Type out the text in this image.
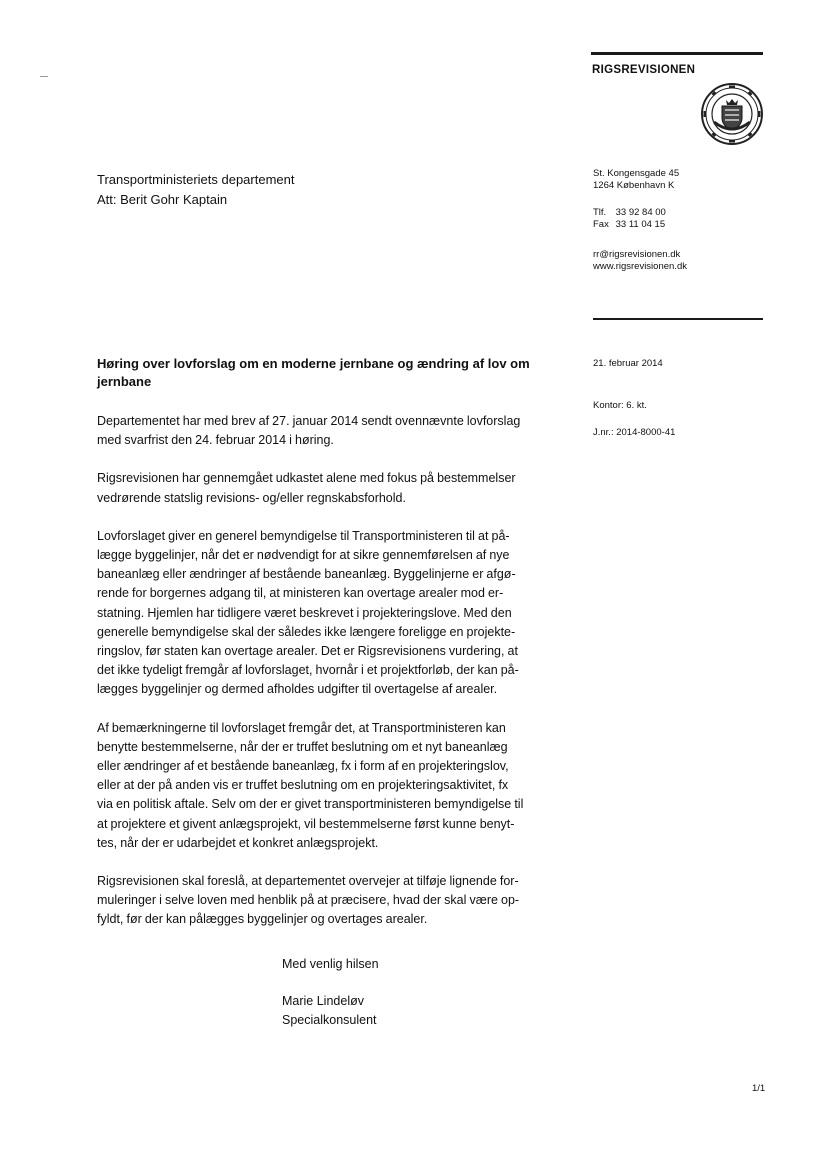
RIGSREVISIONEN
St. Kongensgade 45
1264 København K
Tlf. 33 92 84 00
Fax 33 11 04 15
rr@rigsrevisionen.dk
www.rigsrevisionen.dk
21. februar 2014
Kontor: 6. kt.
J.nr.: 2014-8000-41
Transportministeriets departement
Att: Berit Gohr Kaptain
Høring over lovforslag om en moderne jernbane og ændring af lov om
jernbane

Departementet har med brev af 27. januar 2014 sendt ovennævnte lovforslag
med svarfrist den 24. februar 2014 i høring.

Rigsrevisionen har gennemgået udkastet alene med fokus på bestemmelser
vedrørende statslig revisions- og/eller regnskabsforhold.

Lovforslaget giver en generel bemyndigelse til Transportministeren til at på-
lægge byggelinjer, når det er nødvendigt for at sikre gennemførelsen af nye
baneanlæg eller ændringer af bestående baneanlæg. Byggelinjerne er afgø-
rende for borgernes adgang til, at ministeren kan overtage arealer mod er-
statning. Hjemlen har tidligere været beskrevet i projekteringslove. Med den
generelle bemyndigelse skal der således ikke længere foreligge en projekte-
ringslov, før staten kan overtage arealer. Det er Rigsrevisionens vurdering, at
det ikke tydeligt fremgår af lovforslaget, hvornår i et projektforløb, der kan på-
lægges byggelinjer og dermed afholdes udgifter til overtagelse af arealer.

Af bemærkningerne til lovforslaget fremgår det, at Transportministeren kan
benytte bestemmelserne, når der er truffet beslutning om et nyt baneanlæg
eller ændringer af et bestående baneanlæg, fx i form af en projekteringslov,
eller at der på anden vis er truffet beslutning om en projekteringsaktivitet, fx
via en politisk aftale. Selv om der er givet transportministeren bemyndigelse til
at projektere et givent anlægsprojekt, vil bestemmelserne først kunne benyt-
tes, når der er udarbejdet et konkret anlægsprojekt.

Rigsrevisionen skal foreslå, at departementet overvejer at tilføje lignende for-
muleringer i selve loven med henblik på at præcisere, hvad der skal være op-
fyldt, før der kan pålægges byggelinjer og overtages arealer.

Med venlig hilsen
Marie Lindeløv
Specialkonsulent
1/1
